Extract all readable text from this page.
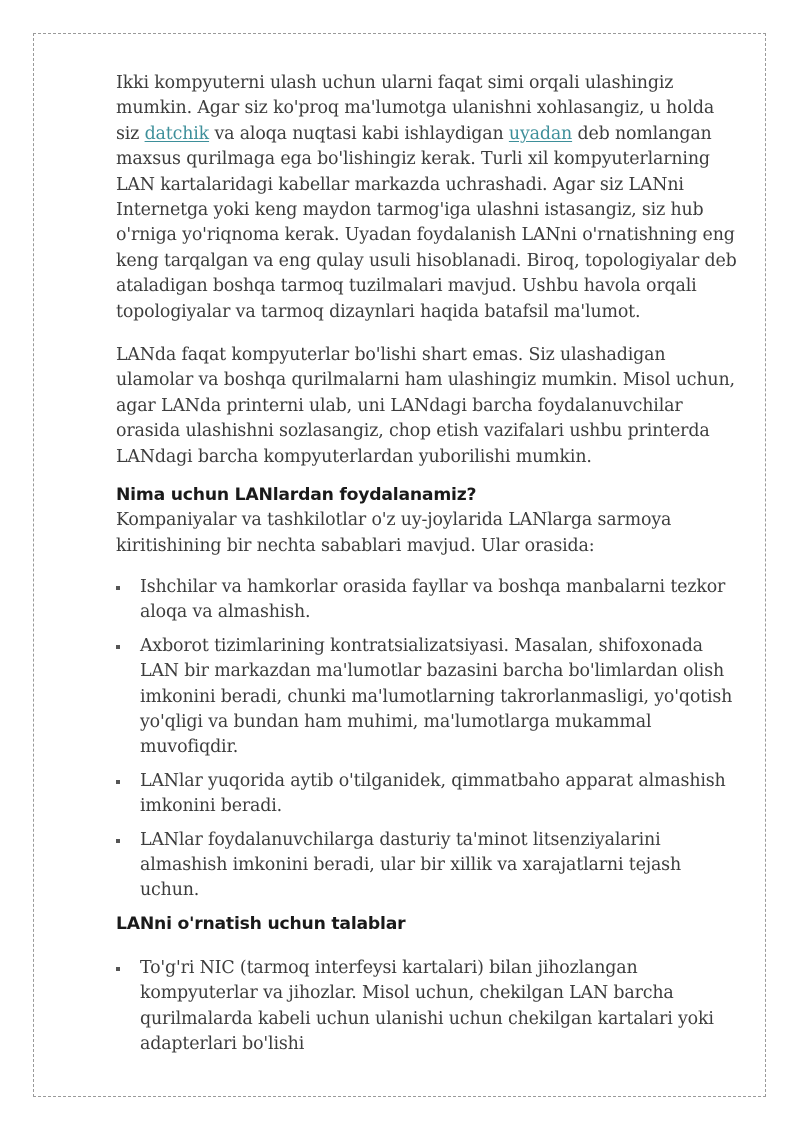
Ikki kompyuterni ulash uchun ularni faqat simi orqali ulashingiz mumkin. Agar siz ko'proq ma'lumotga ulanishni xohlasangiz, u holda siz datchik va aloqa nuqtasi kabi ishlaydigan uyadan deb nomlangan maxsus qurilmaga ega bo'lishingiz kerak. Turli xil kompyuterlarning LAN kartalaridagi kabellar markazda uchrashadi. Agar siz LANni Internetga yoki keng maydon tarmog'iga ulashni istasangiz, siz hub o'rniga yo'riqnoma kerak. Uyadan foydalanish LANni o'rnatishning eng keng tarqalgan va eng qulay usuli hisoblanadi. Biroq, topologiyalar deb ataladigan boshqa tarmoq tuzilmalari mavjud. Ushbu havola orqali topologiyalar va tarmoq dizaynlari haqida batafsil ma'lumot.

LANda faqat kompyuterlar bo'lishi shart emas. Siz ulashadigan ulamolar va boshqa qurilmalarni ham ulashingiz mumkin. Misol uchun, agar LANda printerni ulab, uni LANdagi barcha foydalanuvchilar orasida ulashishni sozlasangiz, chop etish vazifalari ushbu printerda LANdagi barcha kompyuterlardan yuborilishi mumkin.

Nima uchun LANlardan foydalanamiz?

Kompaniyalar va tashkilotlar o'z uy-joylarida LANlarga sarmoya kiritishining bir nechta sabablari mavjud. Ular orasida:

Ishchilar va hamkorlar orasida fayllar va boshqa manbalarni tezkor aloqa va almashish.
Axborot tizimlarining kontratsializatsiyasi. Masalan, shifoxonada LAN bir markazdan ma'lumotlar bazasini barcha bo'limlardan olish imkonini beradi, chunki ma'lumotlarning takrorlanmasligi, yo'qotish yo'qligi va bundan ham muhimi, ma'lumotlarga mukammal muvofiqdir.
LANlar yuqorida aytib o'tilganidek, qimmatbaho apparat almashish imkonini beradi.
LANlar foydalanuvchilarga dasturiy ta'minot litsenziyalarini almashish imkonini beradi, ular bir xillik va xarajatlarni tejash uchun.
LANni o'rnatish uchun talablar
To'g'ri NIC (tarmoq interfeysi kartalari) bilan jihozlangan kompyuterlar va jihozlar. Misol uchun, chekilgan LAN barcha qurilmalarda kabeli uchun ulanishi uchun chekilgan kartalari yoki adapterlari bo'lishi
